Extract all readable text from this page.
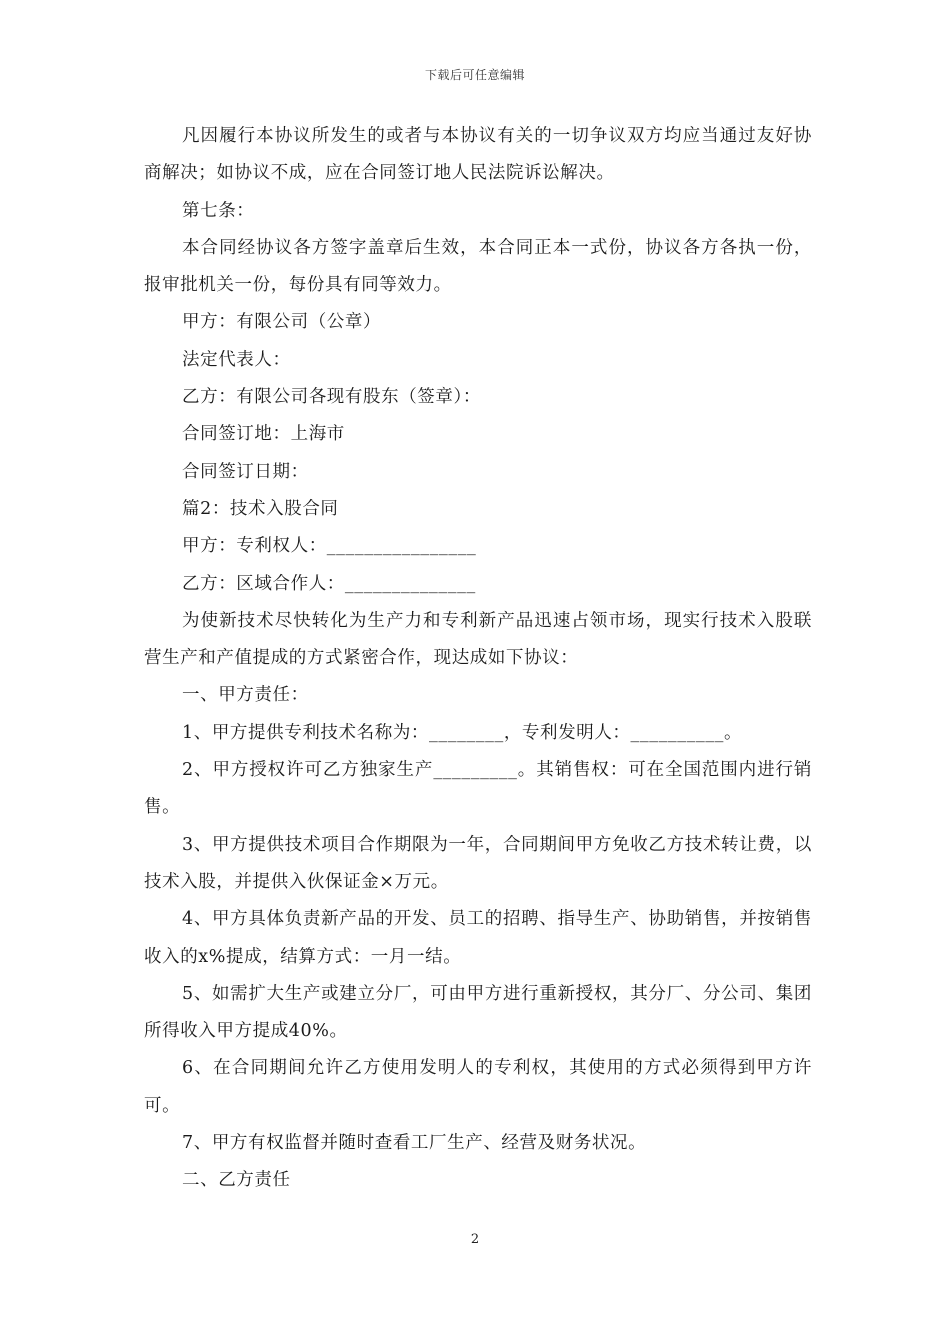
下载后可任意编辑

凡因履行本协议所发生的或者与本协议有关的一切争议双方均应当通过友好协商解决；如协议不成，应在合同签订地人民法院诉讼解决。

第七条：

本合同经协议各方签字盖章后生效，本合同正本一式份，协议各方各执一份，报审批机关一份，每份具有同等效力。

甲方：有限公司（公章）

法定代表人：

乙方：有限公司各现有股东（签章）：

合同签订地：上海市

合同签订日期：

篇2：技术入股合同

甲方：专利权人：________________

乙方：区域合作人：______________

为使新技术尽快转化为生产力和专利新产品迅速占领市场，现实行技术入股联营生产和产值提成的方式紧密合作，现达成如下协议：

一、甲方责任：

1、甲方提供专利技术名称为：________，专利发明人：__________。

2、甲方授权许可乙方独家生产_________。其销售权：可在全国范围内进行销售。

3、甲方提供技术项目合作期限为一年，合同期间甲方免收乙方技术转让费，以技术入股，并提供入伙保证金×万元。

4、甲方具体负责新产品的开发、员工的招聘、指导生产、协助销售，并按销售收入的x%提成，结算方式：一月一结。

5、如需扩大生产或建立分厂，可由甲方进行重新授权，其分厂、分公司、集团所得收入甲方提成40%。

6、在合同期间允许乙方使用发明人的专利权，其使用的方式必须得到甲方许可。

7、甲方有权监督并随时查看工厂生产、经营及财务状况。

二、乙方责任

2
